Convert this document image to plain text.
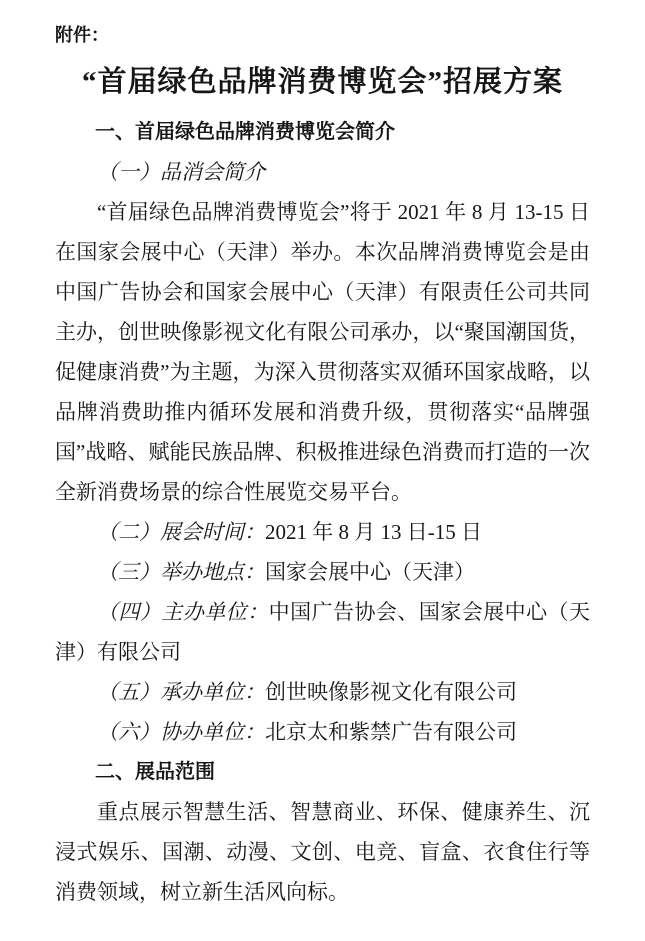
附件：
“首届绿色品牌消费博览会”招展方案
一、首届绿色品牌消费博览会简介

（一）品消会简介

“首届绿色品牌消费博览会”将于 2021 年 8 月 13-15 日在国家会展中心（天津）举办。本次品牌消费博览会是由中国广告协会和国家会展中心（天津）有限责任公司共同主办，创世映像影视文化有限公司承办，以“聚国潮国货，促健康消费”为主题，为深入贯彻落实双循环国家战略，以品牌消费助推内循环发展和消费升级，贯彻落实“品牌强国”战略、赋能民族品牌、积极推进绿色消费而打造的一次全新消费场景的综合性展览交易平台。

（二）展会时间：2021 年 8 月 13 日-15 日

（三）举办地点：国家会展中心（天津）

（四）主办单位：中国广告协会、国家会展中心（天津）有限公司

（五）承办单位：创世映像影视文化有限公司

（六）协办单位：北京太和紫禁广告有限公司

二、展品范围

重点展示智慧生活、智慧商业、环保、健康养生、沉浸式娱乐、国潮、动漫、文创、电竞、盲盒、衣食住行等消费领域，树立新生活风向标。
